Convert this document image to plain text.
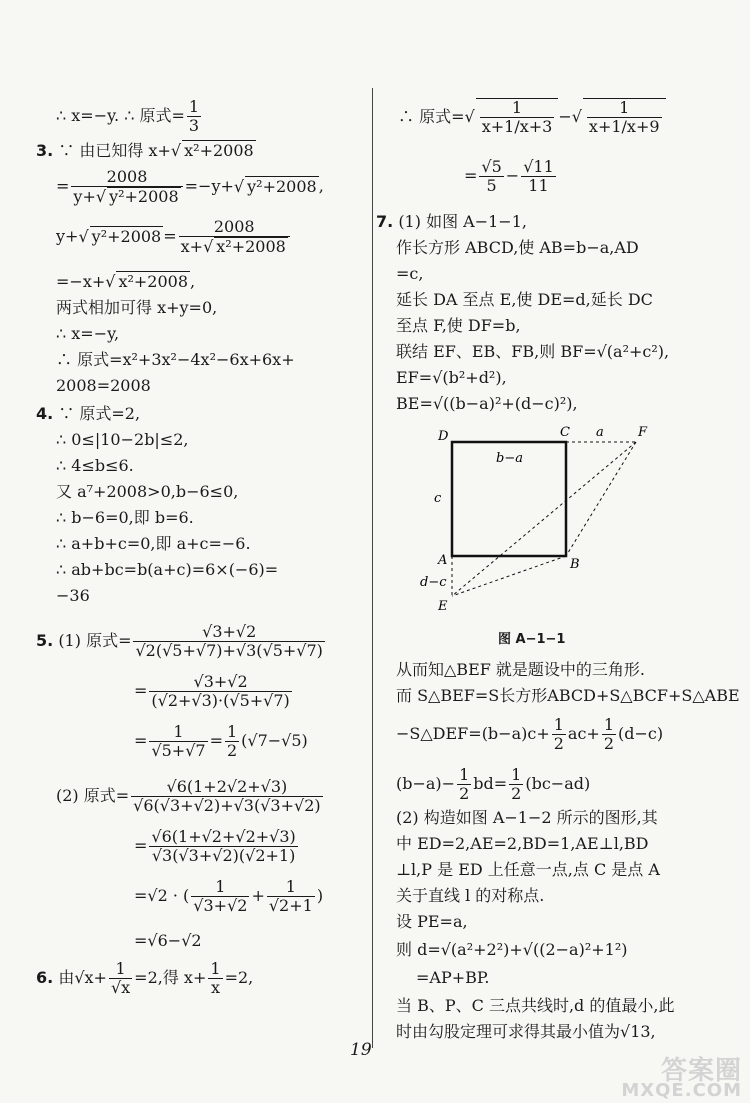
∴ x=−y. ∴ 原式= $\frac{1}{3}$
3. ∵ 由已知得 x+√ x²+2008
= $\frac{2008}{\text{y+√ y²+2008}} =-y+√$ y²+2008 ,
y+√ $y^2+2008 = \frac{2008}{\text{x+√ x²+2008}}$
=−x+√ x²+2008 ,
两式相加可得 x+y=0,
∴ x=−y,
∴ 原式=x²+3x²−4x²−6x+6x+
2008=2008
4. ∵ 原式=2,
∴ 0≤|10−2b|≤2,
∴ 4≤b≤6.
又 a⁷+2008>0,b−6≤0,
∴ b−6=0,即 b=6.
∴ a+b+c=0,即 a+c=−6.
∴ ab+bc=b(a+c)=6×(−6)=
−36
5. (1) 原式= $\frac{√3+√2}{√2(√5+√7)+√3(√5+√7)}$
= $\frac{√3+√2}{(√2+√3)\cdot(√5+√7)}$
= $\frac{1}{√5+√7} = \frac{1}{2} (√7-√5)$
(2) 原式= $\frac{√6(1+2√2+√3)}{√6(√3+√2)+√3(√3+√2)}$
= $\frac{√6(1+√2+√2+√3)}{√3(√3+√2)(√2+1)}$
=√2 · ( $\frac{1}{√3+√2} + \frac{1}{√2+1}$ )
=√6−√2
6. 由$√x+ \frac{1}{√x} =2$,得 $x+ \frac{1}{x} =2$,
∴ 原式=√ $\frac{1}{x+1/x+3}$ −√ $\frac{1}{x+1/x+9}$
= $\frac{√5}{5} - \frac{√11}{11}$
7. (1) 如图 A−1−1,
作长方形 ABCD,使 AB=b−a,AD
=c,
延长 DA 至点 E,使 DE=d,延长 DC
至点 F,使 DF=b,
联结 EF、EB、FB,则 BF=√(a²+c²),
EF=√(b²+d²),
BE=√((b−a)²+(d−c)²),
D	C a	F
b−a
c
A	B
d−c
E
图 A−1−1
从而知△BEF 就是题设中的三角形.
而 S△BEF=S长方形ABCD+S△BCF+S△ABE
−S△DEF=(b−a)c+ $\frac{1}{2} ac+ \frac{1}{2} (d-c)$
$(b-a)- \frac{1}{2} bd= \frac{1}{2} (bc-ad)$
(2) 构造如图 A−1−2 所示的图形,其
中 ED=2,AE=2,BD=1,AE⊥l,BD
⊥l,P 是 ED 上任意一点,点 C 是点 A
关于直线 l 的对称点.
设 PE=a,
则 d=√(a²+2²)+√((2−a)²+1²)
=AP+BP.
当 B、P、C 三点共线时,d 的值最小,此
时由勾股定理可求得其最小值为√13,
19
答案圈
MXQE.COM
